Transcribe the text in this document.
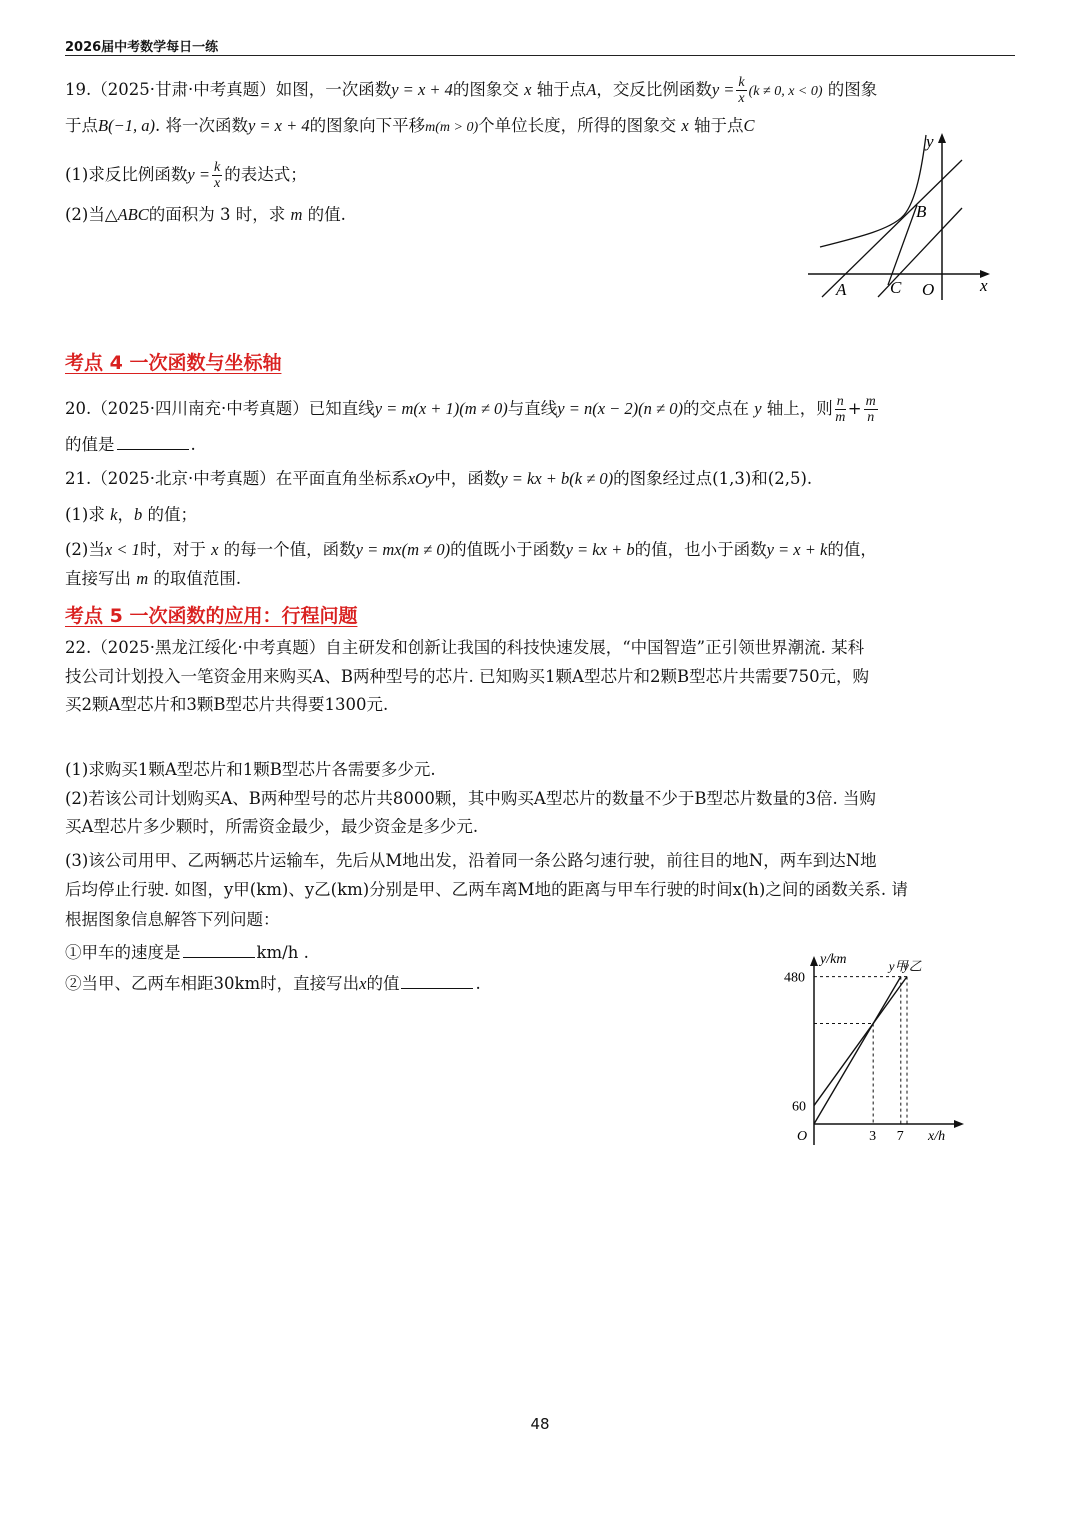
2026届中考数学每日一练
19.（2025·甘肃·中考真题）如图，一次函数y = x + 4的图象交 x 轴于点A，交反比例函数$y = \frac{k}{x} (k \ne 0$, x < 0) 的图象
于点B(−1, a). 将一次函数y = x + 4的图象向下平移m(m > 0)个单位长度，所得的图象交 x 轴于点C
(1)求反比例函数$y = \frac{k}{x}$ 的表达式；
(2)当△ABC的面积为 3 时，求 m 的值.
y
x
B
A	C O
考点 4 一次函数与坐标轴
20.（2025·四川南充·中考真题）已知直线y = m(x + 1)(m ≠ 0)与直线y = n(x − 2)(n ≠ 0)的交点在 y 轴上，则 $\frac{n}{m} + \frac{m}{n}$
的值是	.
21.（2025·北京·中考真题）在平面直角坐标系xOy中，函数y = kx + b(k ≠ 0)的图象经过点(1,3)和(2,5).
(1)求 k，b 的值；
(2)当x < 1时，对于 x 的每一个值，函数y = mx(m ≠ 0)的值既小于函数y = kx + b的值，也小于函数y = x + k的值，
直接写出 m 的取值范围.
考点 5 一次函数的应用：行程问题
22.（2025·黑龙江绥化·中考真题）自主研发和创新让我国的科技快速发展，“中国智造”正引领世界潮流. 某科
技公司计划投入一笔资金用来购买A、B两种型号的芯片. 已知购买1颗A型芯片和2颗B型芯片共需要750元，购
买2颗A型芯片和3颗B型芯片共得要1300元.
(1)求购买1颗A型芯片和1颗B型芯片各需要多少元.
(2)若该公司计划购买A、B两种型号的芯片共8000颗，其中购买A型芯片的数量不少于B型芯片数量的3倍. 当购
买A型芯片多少颗时，所需资金最少，最少资金是多少元.
(3)该公司用甲、乙两辆芯片运输车，先后从M地出发，沿着同一条公路匀速行驶，前往目的地N，两车到达N地
后均停止行驶. 如图，y甲(km)、y乙(km)分别是甲、乙两车离M地的距离与甲车行驶的时间x(h)之间的函数关系. 请
根据图象信息解答下列问题：
①甲车的速度是	km/h .
②当甲、乙两车相距30km时，直接写出x的值	.
y/km
x/h
O	3 7
60
480
y甲
y乙
48
